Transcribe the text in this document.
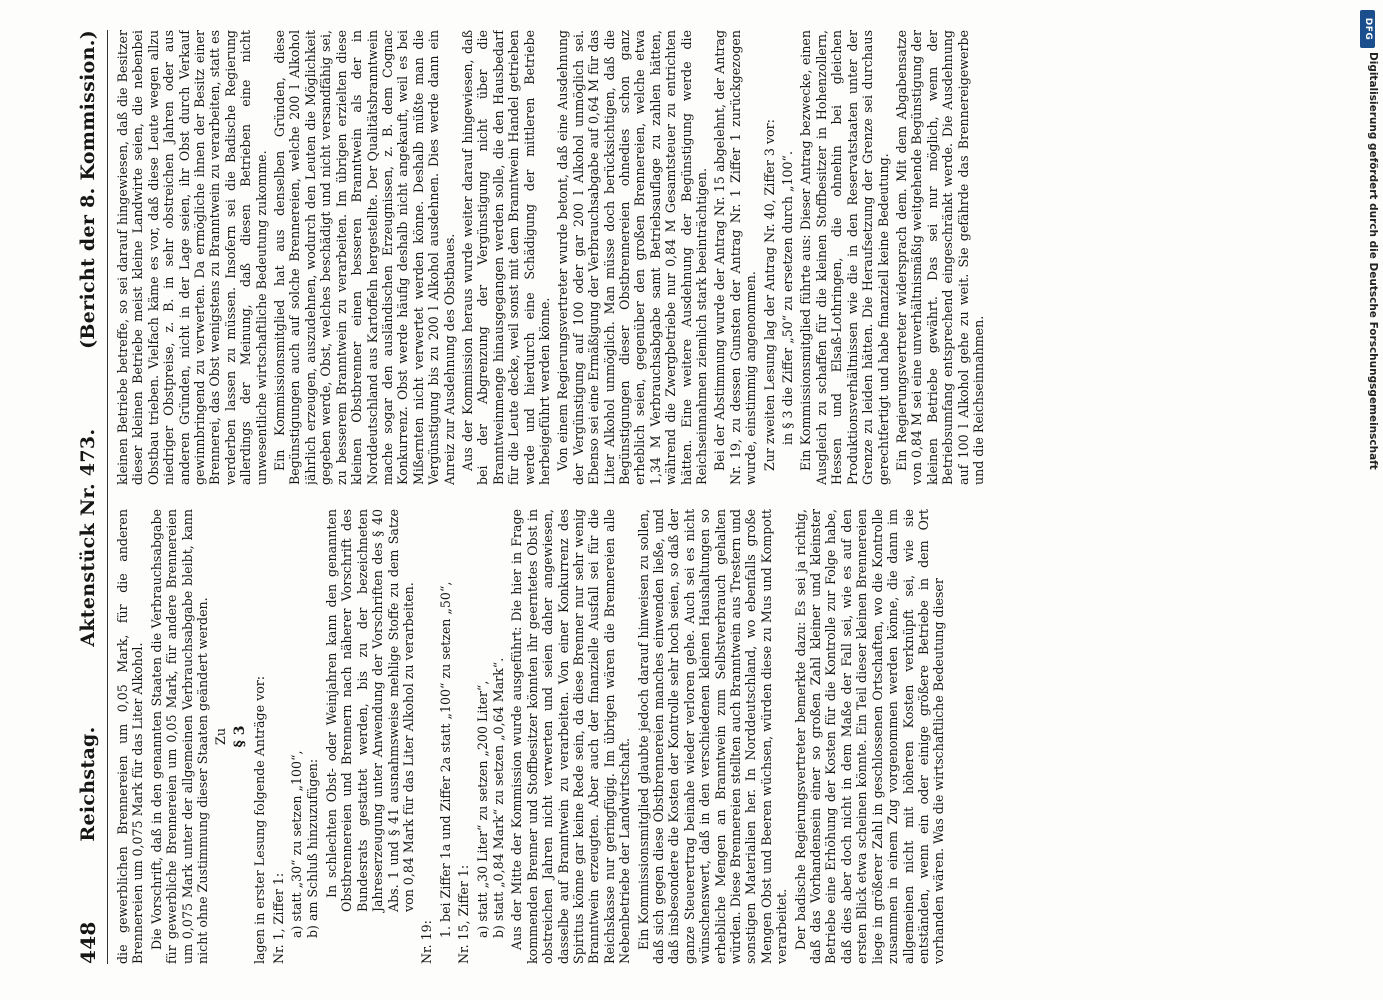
448
Reichstag.
Aktenstück Nr. 473.
(Bericht der 8. Kommission.)

die gewerblichen Brennereien um 0,05 Mark, für die anderen Brennereien um 0,075 Mark für das Liter Alkohol. Die Vorschrift, daß in den genannten Staaten die Verbrauchsabgabe für gewerbliche Brennereien um 0,05 Mark, für andere Brennereien um 0,075 Mark unter der allgemeinen Verbrauchsabgabe bleibt, kann nicht ohne Zustimmung dieser Staaten geändert werden. Zu § 3 lagen in erster Lesung folgende Anträge vor: Nr. 1, Ziffer 1: a) statt „30“ zu setzen „100“, b) am Schluß hinzuzufügen: In schlechten Obst- oder Weinjahren kann den genannten Obstbrennereien und Brennern nach näherer Vorschrift des Bundesrats gestattet werden, bis zu der bezeichneten Jahreserzeugung unter Anwendung der Vorschriften des § 40 Abs. 1 und § 41 ausnahmsweise mehlige Stoffe zu dem Satze von 0,84 Mark für das Liter Alkohol zu verarbeiten.

Nr. 19:

1. bei Ziffer 1a und Ziffer 2a statt „100“ zu setzen „50“, Nr. 15, Ziffer 1: a) statt „30 Liter“ zu setzen „200 Liter“, b) statt „0,84 Mark“ zu setzen „0,64 Mark“. Aus der Mitte der Kommission wurde ausgeführt: Die hier in Frage kommenden Brenner und Stoffbesitzer könnten ihr geerntetes Obst in obstreichen Jahren nicht verwerten und seien daher angewiesen, dasselbe auf Branntwein zu verarbeiten. Von einer Konkurrenz des Spiritus könne gar keine Rede sein, da diese Brenner nur sehr wenig Branntwein erzeugten. Aber auch der finanzielle Ausfall sei für die Reichskasse nur geringfügig. Im übrigen wären die Brennereien alle Nebenbetriebe der Landwirtschaft. Ein Kommissionsmitglied glaubte jedoch darauf hinweisen zu sollen, daß sich gegen diese Obstbrennereien manches einwenden ließe, und daß insbesondere die Kosten der Kontrolle sehr hoch seien, so daß der ganze Steuerertrag beinahe wieder verloren gehe. Auch sei es nicht wünschenswert, daß in den verschiedenen kleinen Haushaltungen so erhebliche Mengen an Branntwein zum Selbstverbrauch gehalten würden. Diese Brennereien stellten auch Branntwein aus Trestern und sonstigen Materialien her. In Norddeutschland, wo ebenfalls große Mengen Obst und Beeren wüchsen, würden diese zu Mus und Kompott verarbeitet. Der badische Regierungsvertreter bemerkte dazu: Es sei ja richtig, daß das Vorhandensein einer so großen Zahl kleiner und kleinster Betriebe eine Erhöhung der Kosten für die Kontrolle zur Folge habe, daß dies aber doch nicht in dem Maße der Fall sei, wie es auf den ersten Blick etwa scheinen könnte. Ein Teil dieser kleinen Brennereien liege in größerer Zahl in geschlossenen Ortschaften, wo die Kontrolle zusammen in einem Zug vorgenommen werden könne, die dann im allgemeinen nicht mit höheren Kosten verknüpft sei, wie sie entständen, wenn ein oder einige größere Betriebe in dem Ort vorhanden wären. Was die wirtschaftliche Bedeutung dieser

kleinen Betriebe betreffe, so sei darauf hingewiesen, daß die Besitzer dieser kleinen Betriebe meist kleine Landwirte seien, die nebenbei Obstbau trieben. Vielfach käme es vor, daß diese Leute wegen allzu niedriger Obstpreise, z. B. in sehr obstreichen Jahren oder aus anderen Gründen, nicht in der Lage seien, ihr Obst durch Verkauf gewinnbringend zu verwerten. Da ermögliche ihnen der Besitz einer Brennerei, das Obst wenigstens zu Branntwein zu verarbeiten, statt es verderben lassen zu müssen. Insofern sei die Badische Regierung allerdings der Meinung, daß diesen Betrieben eine nicht unwesentliche wirtschaftliche Bedeutung zukomme. Ein Kommissionsmitglied hat aus denselben Gründen, diese Begünstigungen auch auf solche Brennereien, welche 200 l Alkohol jährlich erzeugen, auszudehnen, wodurch den Leuten die Möglichkeit gegeben werde, Obst, welches beschädigt und nicht versandfähig sei, zu besserem Branntwein zu verarbeiten. Im übrigen erzielten diese kleinen Obstbrenner einen besseren Branntwein als der in Norddeutschland aus Kartoffeln hergestellte. Der Qualitätsbranntwein mache sogar den ausländischen Erzeugnissen, z. B. dem Cognac Konkurrenz. Obst werde häufig deshalb nicht angekauft, weil es bei Mißernten nicht verwertet werden könne. Deshalb müßte man die Vergünstigung bis zu 200 l Alkohol ausdehnen. Dies werde dann ein Anreiz zur Ausdehnung des Obstbaues. Aus der Kommission heraus wurde weiter darauf hingewiesen, daß bei der Abgrenzung der Vergünstigung nicht über die Branntweinmenge hinausgegangen werden solle, die den Hausbedarf für die Leute decke, weil sonst mit dem Branntwein Handel getrieben werde und hierdurch eine Schädigung der mittleren Betriebe herbeigeführt werden könne. Von einem Regierungsvertreter wurde betont, daß eine Ausdehnung der Vergünstigung auf 100 oder gar 200 l Alkohol unmöglich sei. Ebenso sei eine Ermäßigung der Verbrauchsabgabe auf 0,64 M für das Liter Alkohol unmöglich. Man müsse doch berücksichtigen, daß die Begünstigungen dieser Obstbrennereien ohnedies schon ganz erheblich seien, gegenüber den großen Brennereien, welche etwa 1,34 M Verbrauchsabgabe samt Betriebsauflage zu zahlen hätten, während die Zwergbetriebe nur 0,84 M Gesamtsteuer zu entrichten hätten. Eine weitere Ausdehnung der Begünstigung werde die Reichseinnahmen ziemlich stark beeinträchtigen. Bei der Abstimmung wurde der Antrag Nr. 15 abgelehnt, der Antrag Nr. 19, zu dessen Gunsten der Antrag Nr. 1 Ziffer 1 zurückgezogen wurde, einstimmig angenommen. Zur zweiten Lesung lag der Antrag Nr. 40, Ziffer 3 vor: in § 3 die Ziffer „50“ zu ersetzen durch „100“. Ein Kommissionsmitglied führte aus: Dieser Antrag bezwecke, einen Ausgleich zu schaffen für die kleinen Stoffbesitzer in Hohenzollern, Hessen und Elsaß-Lothringen, die ohnehin bei gleichen Produktionsverhältnissen wie die in den Reservatstaaten unter der Grenze zu leiden hätten. Die Heraufsetzung der Grenze sei durchaus gerechtfertigt und habe finanziell keine Bedeutung. Ein Regierungsvertreter widersprach dem. Mit dem Abgabensatze von 0,84 M sei eine unverhältnismäßig weitgehende Begünstigung der kleinen Betriebe gewährt. Das sei nur möglich, wenn der Betriebsumfang entsprechend eingeschränkt werde. Die Ausdehnung auf 100 l Alkohol gehe zu weit. Sie gefährde das Brennereigewerbe und die Reichseinnahmen.

DFG
Digitalisierung gefördert durch die Deutsche Forschungsgemeinschaft
